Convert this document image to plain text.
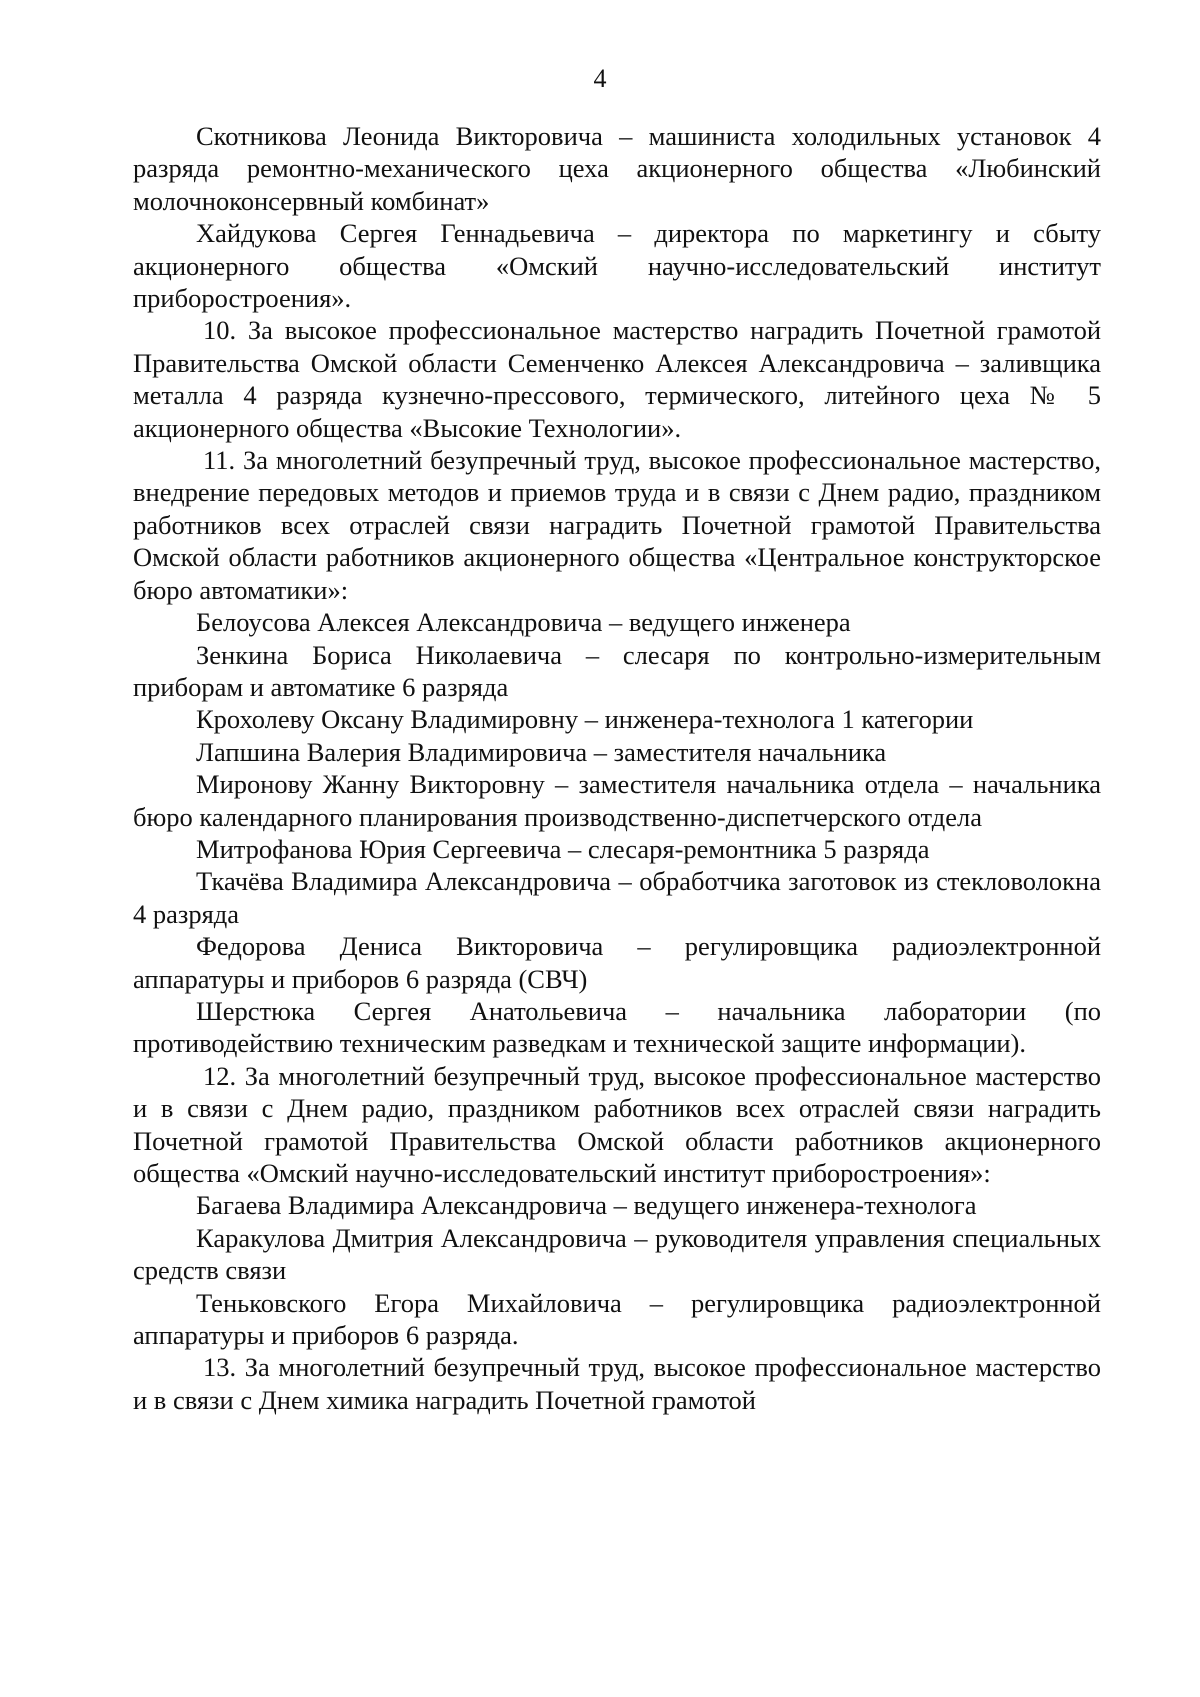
4

Скотникова Леонида Викторовича – машиниста холодильных установок 4 разряда ремонтно-механического цеха акционерного общества «Любинский молочноконсервный комбинат»

Хайдукова Сергея Геннадьевича – директора по маркетингу и сбыту акционерного общества «Омский научно-исследовательский институт приборостроения».

10. За высокое профессиональное мастерство наградить Почетной грамотой Правительства Омской области Семенченко Алексея Александровича – заливщика металла 4 разряда кузнечно-прессового, термического, литейного цеха № 5 акционерного общества «Высокие Технологии».

11. За многолетний безупречный труд, высокое профессиональное мастерство, внедрение передовых методов и приемов труда и в связи с Днем радио, праздником работников всех отраслей связи наградить Почетной грамотой Правительства Омской области работников акционерного общества «Центральное конструкторское бюро автоматики»:

Белоусова Алексея Александровича – ведущего инженера

Зенкина Бориса Николаевича – слесаря по контрольно-измерительным приборам и автоматике 6 разряда

Крохолеву Оксану Владимировну – инженера-технолога 1 категории

Лапшина Валерия Владимировича – заместителя начальника

Миронову Жанну Викторовну – заместителя начальника отдела – начальника бюро календарного планирования производственно-диспетчерского отдела

Митрофанова Юрия Сергеевича – слесаря-ремонтника 5 разряда

Ткачёва Владимира Александровича – обработчика заготовок из стекловолокна 4 разряда

Федорова Дениса Викторовича – регулировщика радиоэлектронной аппаратуры и приборов 6 разряда (СВЧ)

Шерстюка Сергея Анатольевича – начальника лаборатории (по противодействию техническим разведкам и технической защите информации).

12. За многолетний безупречный труд, высокое профессиональное мастерство и в связи с Днем радио, праздником работников всех отраслей связи наградить Почетной грамотой Правительства Омской области работников акционерного общества «Омский научно-исследовательский институт приборостроения»:

Багаева Владимира Александровича – ведущего инженера-технолога

Каракулова Дмитрия Александровича – руководителя управления специальных средств связи

Теньковского Егора Михайловича – регулировщика радиоэлектронной аппаратуры и приборов 6 разряда.

13. За многолетний безупречный труд, высокое профессиональное мастерство и в связи с Днем химика наградить Почетной грамотой
